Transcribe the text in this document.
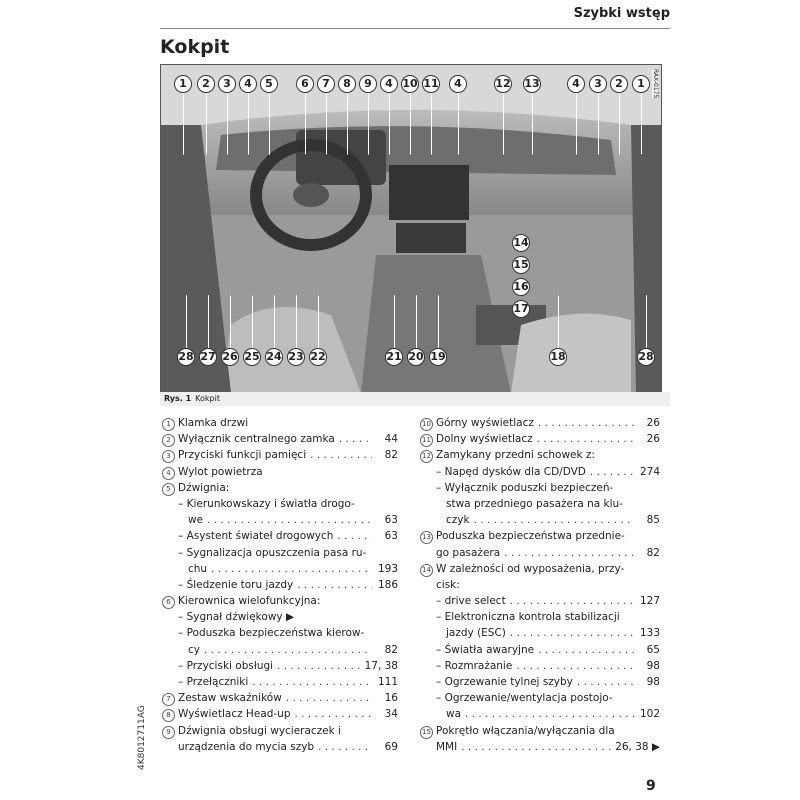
Szybki wstęp
Kokpit
RAX-0175
1	2	3	4	5	6	7	8	9	4 10 11	4	12 13	4	3	2	1
28 27 26 25 24 23 22	21 20 19	18	28
14
15
16
17
Rys. 1 Kokpit
1 Klamka drzwi
2 Wyłącznik centralnego zamka . . .	44
3 Przyciski funkcji pamięci . . .	82
4 Wylot powietrza
5 Dźwignia:
– Kierunkowskazy i światła drogo-
we . . .	63
– Asystent świateł drogowych . . .	63
– Sygnalizacja opuszczenia pasa ru-
chu . . .	193
– Śledzenie toru jazdy . . .	186
6 Kierownica wielofunkcyjna:
– Sygnał dźwiękowy ▶
– Poduszka bezpieczeństwa kierow-
cy . . .	82
– Przyciski obsługi . . .	17, 38
– Przełączniki . . .	111
7 Zestaw wskaźników . . .	16
8 Wyświetlacz Head-up . . .	34
9 Dźwignia obsługi wycieraczek i
urządzenia do mycia szyb . . .	69
10 Górny wyświetlacz . . .	26
11 Dolny wyświetlacz . . .	26
12 Zamykany przedni schowek z:
– Napęd dysków dla CD/DVD . . .	274
– Wyłącznik poduszki bezpieczeń-
stwa przedniego pasażera na klu-
czyk . . .	85
13 Poduszka bezpieczeństwa przednie-
go pasażera . . .	82
14 W zależności od wyposażenia, przy-
cisk:
– drive select . . .	127
– Elektroniczna kontrola stabilizacji
jazdy (ESC) . . .	133
– Światła awaryjne . . .	65
– Rozmrażanie . . .	98
– Ogrzewanie tylnej szyby . . .	98
– Ogrzewanie/wentylacja postojo-
wa . . .	102
15 Pokrętło włączania/wyłączania dla
MMI . . .	26, 38 ▶
4K8012711AG
9
